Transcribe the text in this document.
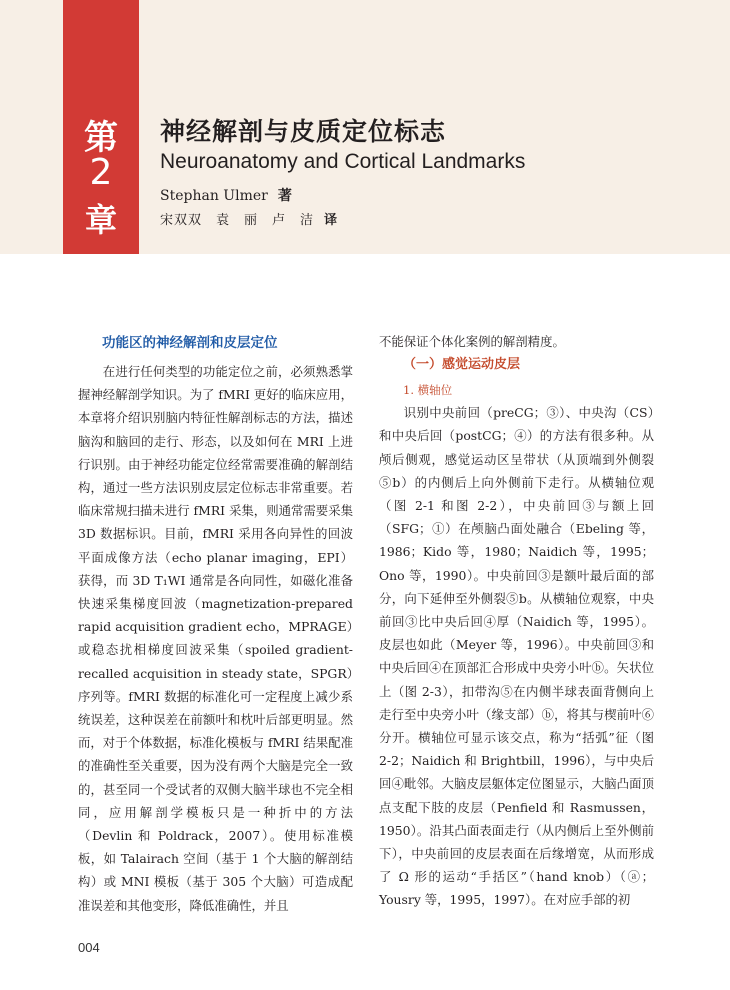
第
2
章
神经解剖与皮质定位标志
Neuroanatomy and Cortical Landmarks
Stephan Ulmer 著
宋双双　袁　丽　卢　洁 译
功能区的神经解剖和皮层定位

在进行任何类型的功能定位之前，必须熟悉掌握神经解剖学知识。为了 fMRI 更好的临床应用，本章将介绍识别脑内特征性解剖标志的方法，描述脑沟和脑回的走行、形态，以及如何在 MRI 上进行识别。由于神经功能定位经常需要准确的解剖结构，通过一些方法识别皮层定位标志非常重要。若临床常规扫描未进行 fMRI 采集，则通常需要采集 3D 数据标识。目前，fMRI 采用各向异性的回波平面成像方法（echo planar imaging，EPI）获得，而 3D T₁WI 通常是各向同性，如磁化准备快速采集梯度回波（magnetization-prepared rapid acquisition gradient echo，MPRAGE）或稳态扰相梯度回波采集（spoiled gradient-recalled acquisition in steady state，SPGR）序列等。fMRI 数据的标准化可一定程度上减少系统误差，这种误差在前额叶和枕叶后部更明显。然而，对于个体数据，标准化模板与 fMRI 结果配准的准确性至关重要，因为没有两个大脑是完全一致的，甚至同一个受试者的双侧大脑半球也不完全相同，应用解剖学模板只是一种折中的方法（Devlin 和 Poldrack，2007）。使用标准模板，如 Talairach 空间（基于 1 个大脑的解剖结构）或 MNI 模板（基于 305 个大脑）可造成配准误差和其他变形，降低准确性，并且

不能保证个体化案例的解剖精度。

（一）感觉运动皮层
1. 横轴位

识别中央前回（preCG；③）、中央沟（CS）和中央后回（postCG；④）的方法有很多种。从颅后侧观，感觉运动区呈带状（从顶端到外侧裂⑤b）的内侧后上向外侧前下走行。从横轴位观（图 2-1 和图 2-2），中央前回③与额上回（SFG；①）在颅脑凸面处融合（Ebeling 等，1986；Kido 等，1980；Naidich 等，1995；Ono 等，1990）。中央前回③是额叶最后面的部分，向下延伸至外侧裂⑤b。从横轴位观察，中央前回③比中央后回④厚（Naidich 等，1995）。皮层也如此（Meyer 等，1996）。中央前回③和中央后回④在顶部汇合形成中央旁小叶ⓑ。矢状位上（图 2-3），扣带沟⑤在内侧半球表面背侧向上走行至中央旁小叶（缘支部）ⓑ，将其与楔前叶⑥分开。横轴位可显示该交点，称为“括弧”征（图 2-2；Naidich 和 Brightbill，1996），与中央后回④毗邻。大脑皮层躯体定位图显示，大脑凸面顶点支配下肢的皮层（Penfield 和 Rasmussen，1950）。沿其凸面表面走行（从内侧后上至外侧前下），中央前回的皮层表面在后缘增宽，从而形成了 Ω 形的运动“手括区”（hand knob）（ⓐ；Yousry 等，1995，1997）。在对应手部的初

004
